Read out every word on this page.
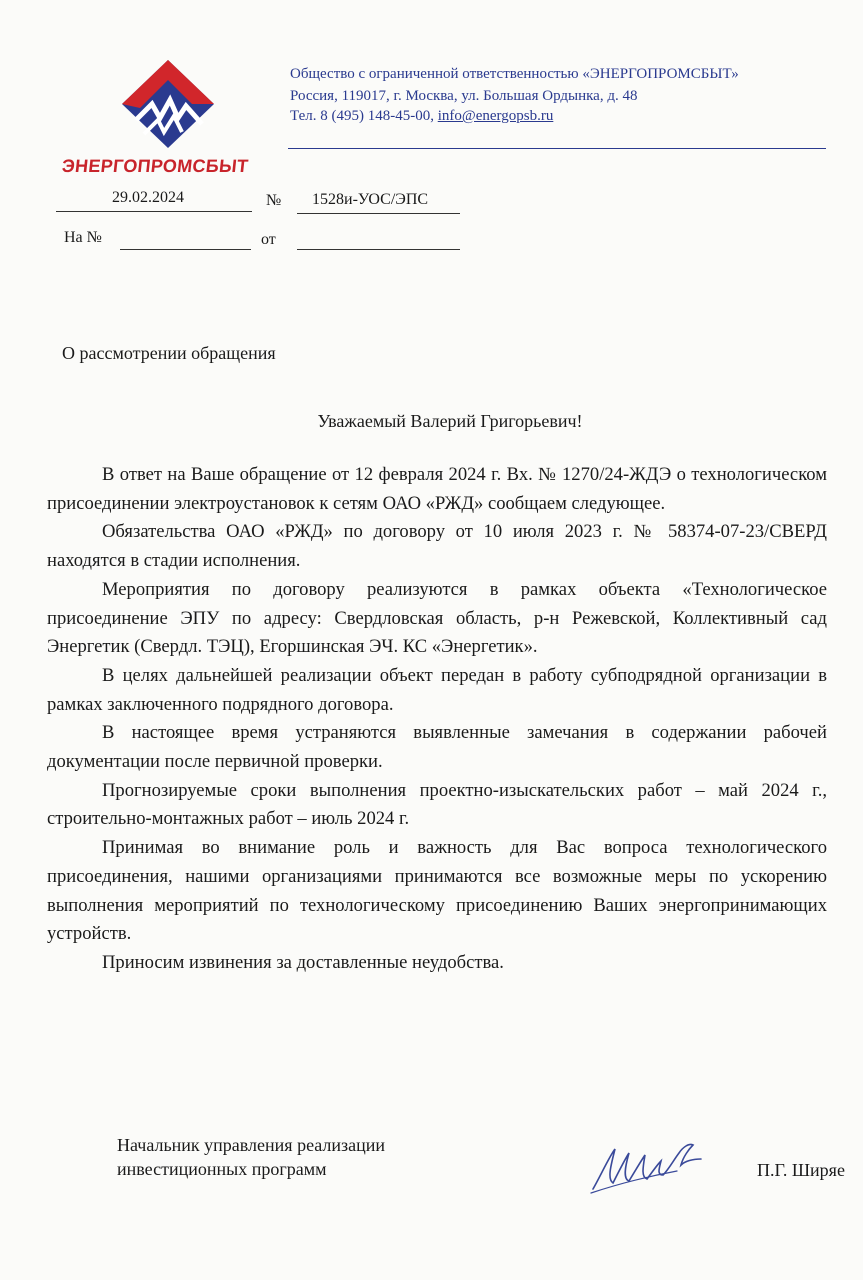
ЭНЕРГОПРОМСБЫТ
Общество с ограниченной ответственностью «ЭНЕРГОПРОМСБЫТ»
Россия, 119017, г. Москва, ул. Большая Ордынка, д. 48
Тел. 8 (495) 148-45-00, info@energopsb.ru
29.02.2024	№ 1528и-УОС/ЭПС
На №	от
О рассмотрении обращения
Уважаемый Валерий Григорьевич!

В ответ на Ваше обращение от 12 февраля 2024 г. Вх. № 1270/24-ЖДЭ о технологическом присоединении электроустановок к сетям ОАО «РЖД» сообщаем следующее.

Обязательства ОАО «РЖД» по договору от 10 июля 2023 г. № 58374-07-23/СВЕРД находятся в стадии исполнения.

Мероприятия по договору реализуются в рамках объекта «Технологическое присоединение ЭПУ по адресу: Свердловская область, р-н Режевской, Коллективный сад Энергетик (Свердл. ТЭЦ), Егоршинская ЭЧ. КС «Энергетик».

В целях дальнейшей реализации объект передан в работу субподрядной организации в рамках заключенного подрядного договора.

В настоящее время устраняются выявленные замечания в содержании рабочей документации после первичной проверки.

Прогнозируемые сроки выполнения проектно-изыскательских работ – май 2024 г., строительно-монтажных работ – июль 2024 г.

Принимая во внимание роль и важность для Вас вопроса технологического присоединения, нашими организациями принимаются все возможные меры по ускорению выполнения мероприятий по технологическому присоединению Ваших энергопринимающих устройств.

Приносим извинения за доставленные неудобства.

Начальник управления реализации
инвестиционных программ	П.Г. Ширяе
